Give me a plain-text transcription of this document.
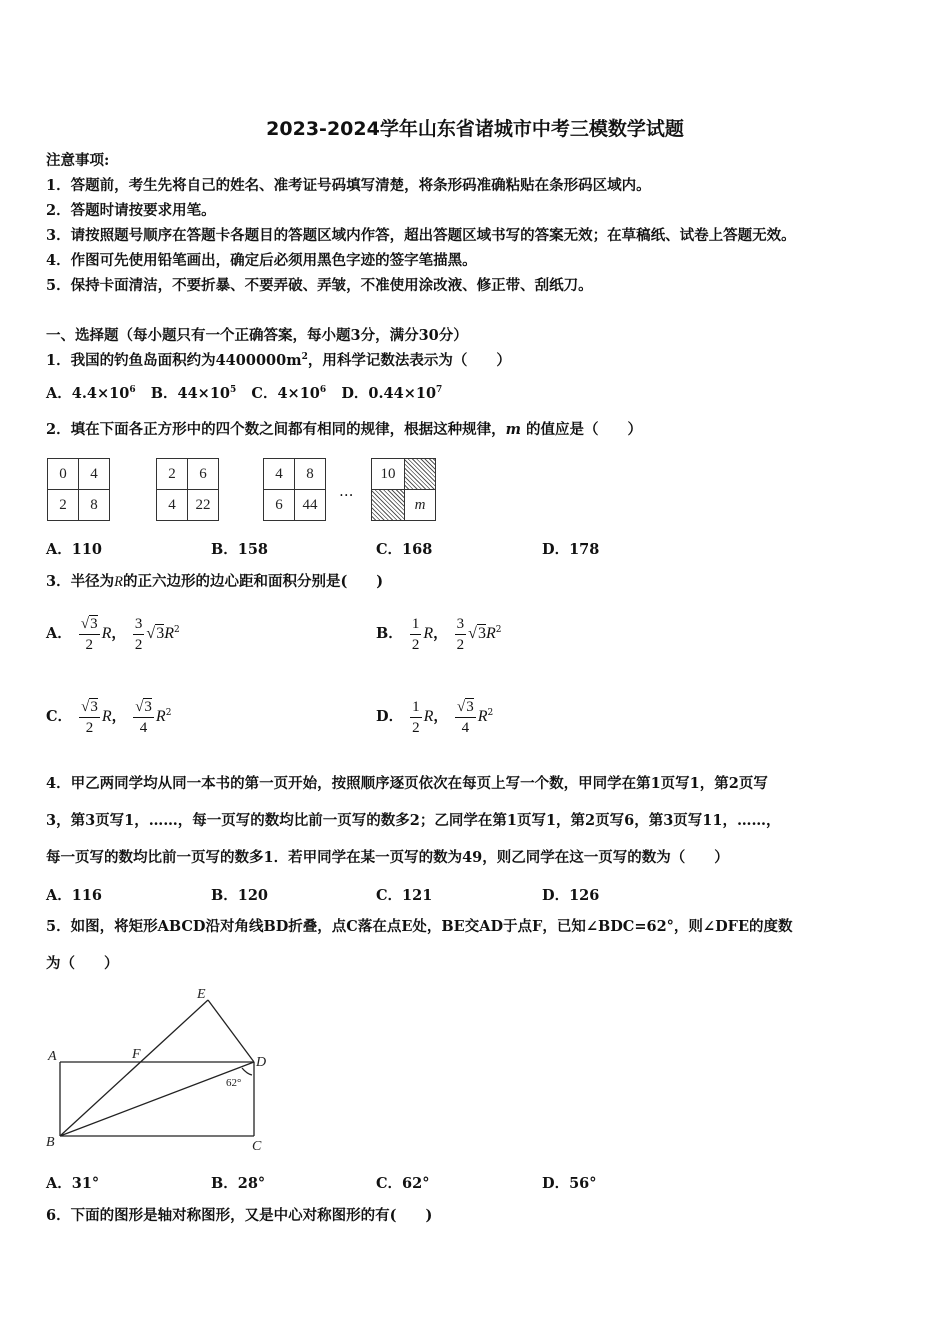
2023-2024学年山东省诸城市中考三模数学试题
注意事项:
1．答题前，考生先将自己的姓名、准考证号码填写清楚，将条形码准确粘贴在条形码区域内。
2．答题时请按要求用笔。
3．请按照题号顺序在答题卡各题目的答题区域内作答，超出答题区域书写的答案无效；在草稿纸、试卷上答题无效。
4．作图可先使用铅笔画出，确定后必须用黑色字迹的签字笔描黑。
5．保持卡面清洁，不要折暴、不要弄破、弄皱，不准使用涂改液、修正带、刮纸刀。
一、选择题（每小题只有一个正确答案，每小题3分，满分30分）
1．我国的钓鱼岛面积约为$4400000m^2$，用科学记数法表示为（　　）
A．$4.4\times 10^6$ B．$44\times 10^5$ C．$4\times 10^6$ D．$0.44\times 10^7$
2．填在下面各正方形中的四个数之间都有相同的规律，根据这种规律，m 的值应是（　　）
0	4
2	8
2	6
4	22
4	8
6	44
…
10
m
A．110	B．158	C．168	D．178
3．半径为R的正六边形的边心距和面积分别是(　　)
A． $\frac{√3}{2}$ R， $\frac{3}{2} √3R^2$	B． $\frac{1}{2}$ R， $\frac{3}{2} √3R^2$
C． $\frac{√3}{2}$ R， $\frac{√3}{4} R^2$	D． $\frac{1}{2}$ R， $\frac{√3}{4} R^2$
4．甲乙两同学均从同一本书的第一页开始，按照顺序逐页依次在每页上写一个数，甲同学在第1页写1，第2页写
3，第3页写1，……，每一页写的数均比前一页写的数多2；乙同学在第1页写1，第2页写6，第3页写11，……，
每一页写的数均比前一页写的数多1．若甲同学在某一页写的数为49，则乙同学在这一页写的数为（　　）
A．116	B．120	C．121	D．126
5．如图，将矩形ABCD沿对角线BD折叠，点C落在点E处，BE交AD于点F，已知∠BDC=62°，则∠DFE的度数
为（　　）
A
B	C
D
E
F
62°
A．31°	B．28°	C．62°	D．56°
6．下面的图形是轴对称图形，又是中心对称图形的有(　　)
